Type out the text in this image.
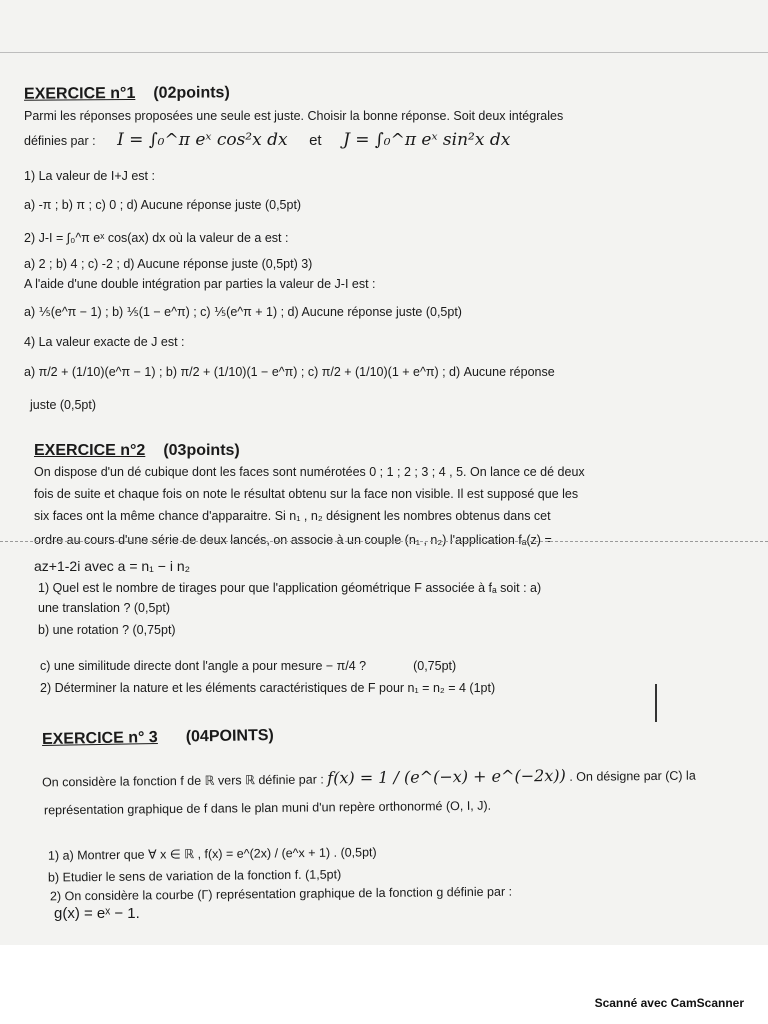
EXERCICE n°1 (02points)
Parmi les réponses proposées une seule est juste. Choisir la bonne réponse. Soit deux intégrales
définies par : I = ∫₀^π eˣ cos²x dx et J = ∫₀^π eˣ sin²x dx
1) La valeur de I+J est :
a) -π ; b) π ; c) 0 ; d) Aucune réponse juste (0,5pt)
2) J-I = ∫₀^π eˣ cos(ax) dx où la valeur de a est :
a) 2 ; b) 4 ; c) -2 ; d) Aucune réponse juste (0,5pt) 3)
A l'aide d'une double intégration par parties la valeur de J-I est :
a) ⅕(e^π − 1) ; b) ⅕(1 − e^π) ; c) ⅕(e^π + 1) ; d) Aucune réponse juste (0,5pt)
4) La valeur exacte de J est :
a) π/2 + (1/10)(e^π − 1) ; b) π/2 + (1/10)(1 − e^π) ; c) π/2 + (1/10)(1 + e^π) ; d) Aucune réponse
juste (0,5pt)
EXERCICE n°2 (03points)
On dispose d'un dé cubique dont les faces sont numérotées 0 ; 1 ; 2 ; 3 ; 4 , 5. On lance ce dé deux
fois de suite et chaque fois on note le résultat obtenu sur la face non visible. Il est supposé que les
six faces ont la même chance d'apparaitre. Si n₁ , n₂ désignent les nombres obtenus dans cet
ordre au cours d'une série de deux lancés, on associe à un couple (n₁ , n₂) l'application fₐ(z) =
az+1-2i avec a = n₁ − i n₂
1) Quel est le nombre de tirages pour que l'application géométrique F associée à fₐ soit : a)
une translation ? (0,5pt)
b) une rotation ? (0,75pt)
c) une similitude directe dont l'angle a pour mesure − π/4 ?	(0,75pt)
2) Déterminer la nature et les éléments caractéristiques de F pour n₁ = n₂ = 4 (1pt)
EXERCICE n° 3 (04POINTS)
On considère la fonction f de ℝ vers ℝ définie par : f(x) = 1 / (e^(−x) + e^(−2x)) . On désigne par (C) la
représentation graphique de f dans le plan muni d'un repère orthonormé (O, I, J).
1) a) Montrer que ∀ x ∈ ℝ , f(x) = e^(2x) / (e^x + 1) . (0,5pt)
b) Etudier le sens de variation de la fonction f. (1,5pt)
2) On considère la courbe (Γ) représentation graphique de la fonction g définie par :
g(x) = eˣ − 1.
Scanné avec CamScanner
